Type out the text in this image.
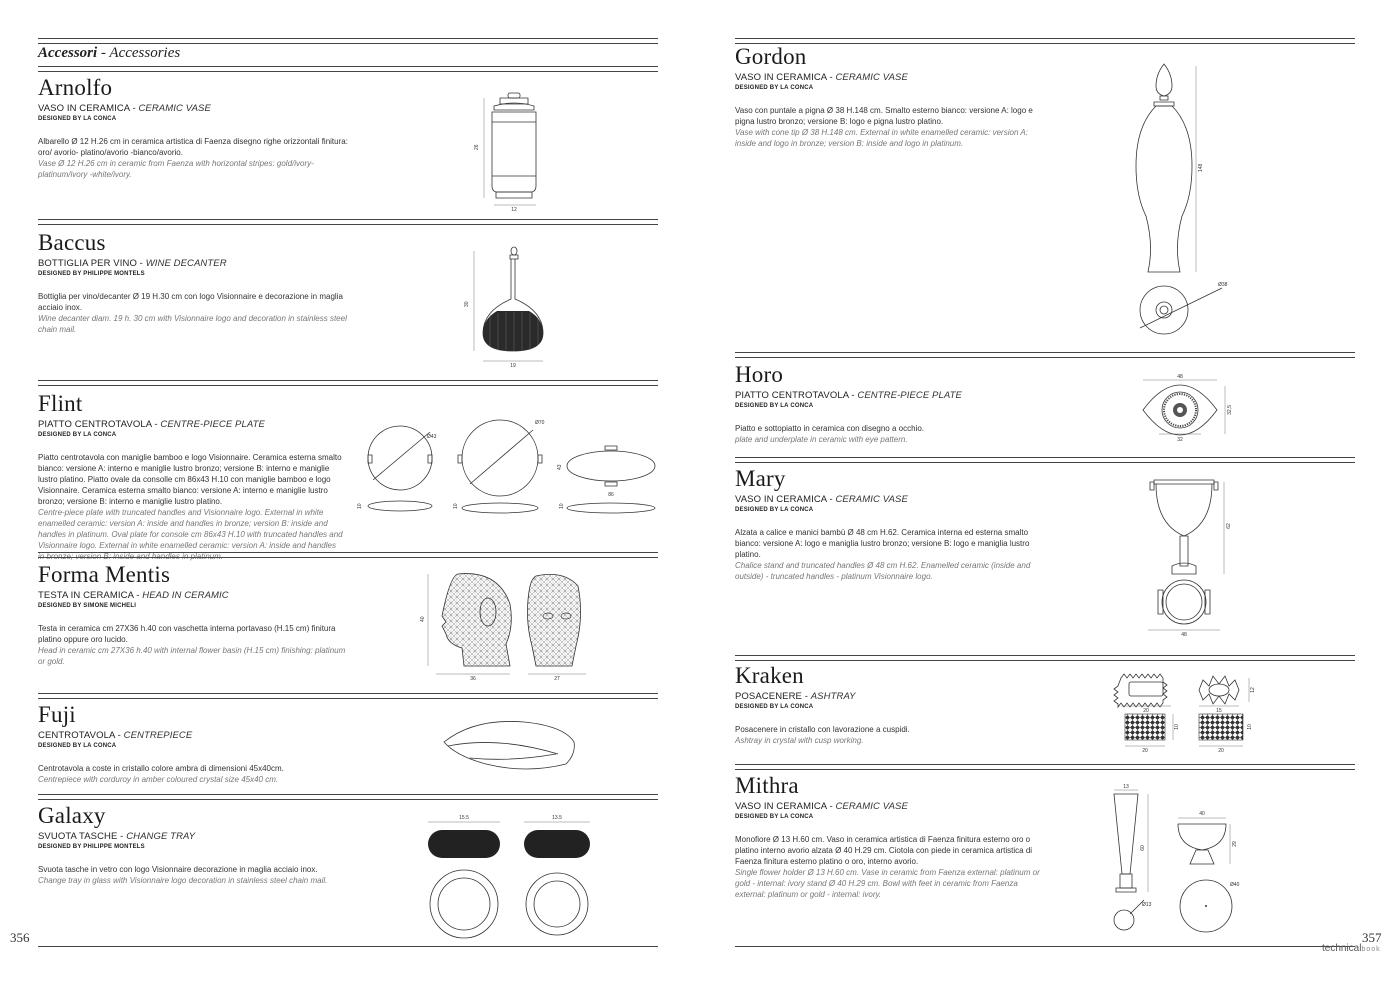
Accessori - Accessories
Arnolfo
VASO IN CERAMICA - CERAMIC VASE
DESIGNED BY LA CONCA
Albarello Ø 12 H.26 cm in ceramica artistica di Faenza disegno righe orizzontali finitura: oro/ avorio- platino/avorio -bianco/avorio.
Vase Ø 12 H.26 cm in ceramic from Faenza with horizontal stripes: gold/ivory- platinum/ivory -white/ivory.
26
12
Baccus
BOTTIGLIA PER VINO - WINE DECANTER
DESIGNED BY PHILIPPE MONTELS
Bottiglia per vino/decanter Ø 19 H.30 cm con logo Visionnaire e decorazione in maglia acciaio inox.
Wine decanter diam. 19 h. 30 cm with Visionnaire logo and decoration in stainless steel chain mail.
30
19
Flint
PIATTO CENTROTAVOLA - CENTRE-PIECE PLATE
DESIGNED BY LA CONCA
Piatto centrotavola con maniglie bamboo e logo Visionnaire. Ceramica esterna smalto bianco: versione A: interno e maniglie lustro bronzo; versione B: interno e maniglie lustro platino. Piatto ovale da consolle cm 86x43 H.10 con maniglie bamboo e logo Visionnaire. Ceramica esterna smalto bianco: versione A: interno e maniglie lustro bronzo; versione B: interno e maniglie lustro platino.
Centre-piece plate with truncated handles and Visionnaire logo. External in white enamelled ceramic: version A: inside and handles in bronze; version B: inside and handles in platinum. Oval plate for console cm 86x43 H.10 with truncated handles and Visionnaire logo. External in white enamelled ceramic: version A: inside and handles in bronze; version B: inside and handles in platinum.
Ø43
Ø70
43
86
10	10	10
Forma Mentis
TESTA IN CERAMICA - HEAD IN CERAMIC
DESIGNED BY SIMONE MICHELI
Testa in ceramica cm 27X36 h.40 con vaschetta interna portavaso (H.15 cm) finitura platino oppure oro lucido.
Head in ceramic cm 27X36 h.40 with internal flower basin (H.15 cm) finishing: platinum or gold.
40
36	27
Fuji
CENTROTAVOLA - CENTREPIECE
DESIGNED BY LA CONCA
Centrotavola a coste in cristallo colore ambra di dimensioni 45x40cm.
Centrepiece with corduroy in amber coloured crystal size 45x40 cm.
Galaxy
SVUOTA TASCHE - CHANGE TRAY
DESIGNED BY PHILIPPE MONTELS
Svuota tasche in vetro con logo Visionnaire decorazione in maglia acciaio inox.
Change tray in glass with Visionnaire logo decoration in stainless steel chain mail.
15.5	13.5
356
Gordon
VASO IN CERAMICA - CERAMIC VASE
DESIGNED BY LA CONCA
Vaso con puntale a pigna Ø 38 H.148 cm. Smalto esterno bianco: versione A: logo e pigna lustro bronzo; versione B: logo e pigna lustro platino.
Vase with cone tip Ø 38 H.148 cm. External in white enamelled ceramic: version A: inside and logo in bronze; version B: inside and logo in platinum.
148
Ø38
Horo
PIATTO CENTROTAVOLA - CENTRE-PIECE PLATE
DESIGNED BY LA CONCA
Piatto e sottopiatto in ceramica con disegno a occhio.
plate and underplate in ceramic with eye pattern.
48
32,5
32
Mary
VASO IN CERAMICA - CERAMIC VASE
DESIGNED BY LA CONCA
Alzata a calice e manici bambù Ø 48 cm H.62. Ceramica interna ed esterna smalto bianco: versione A: logo e maniglia lustro bronzo; versione B: logo e maniglia lustro platino.
Chalice stand and truncated handles Ø 48 cm H.62. Enamelled ceramic (inside and outside) - truncated handles - platinum Visionnaire logo.
62
48
Kraken
POSACENERE - ASHTRAY
DESIGNED BY LA CONCA
Posacenere in cristallo con lavorazione a cuspidi.
Ashtray in crystal with cusp working.
20	15
12
10
20
10
20
Mithra
VASO IN CERAMICA - CERAMIC VASE
DESIGNED BY LA CONCA
Monofiore Ø 13 H.60 cm. Vaso in ceramica artistica di Faenza finitura esterno oro o platino interno avorio alzata Ø 40 H.29 cm. Ciotola con piede in ceramica artistica di Faenza finitura esterno platino o oro, interno avorio.
Single flower holder Ø 13 H.60 cm. Vase in ceramic from Faenza external: platinum or gold - internal: ivory stand Ø 40 H.29 cm. Bowl with feet in ceramic from Faenza external: platinum or gold - internal: ivory.
13
60
Ø13
40
29
Ø40
357
technicalbook
